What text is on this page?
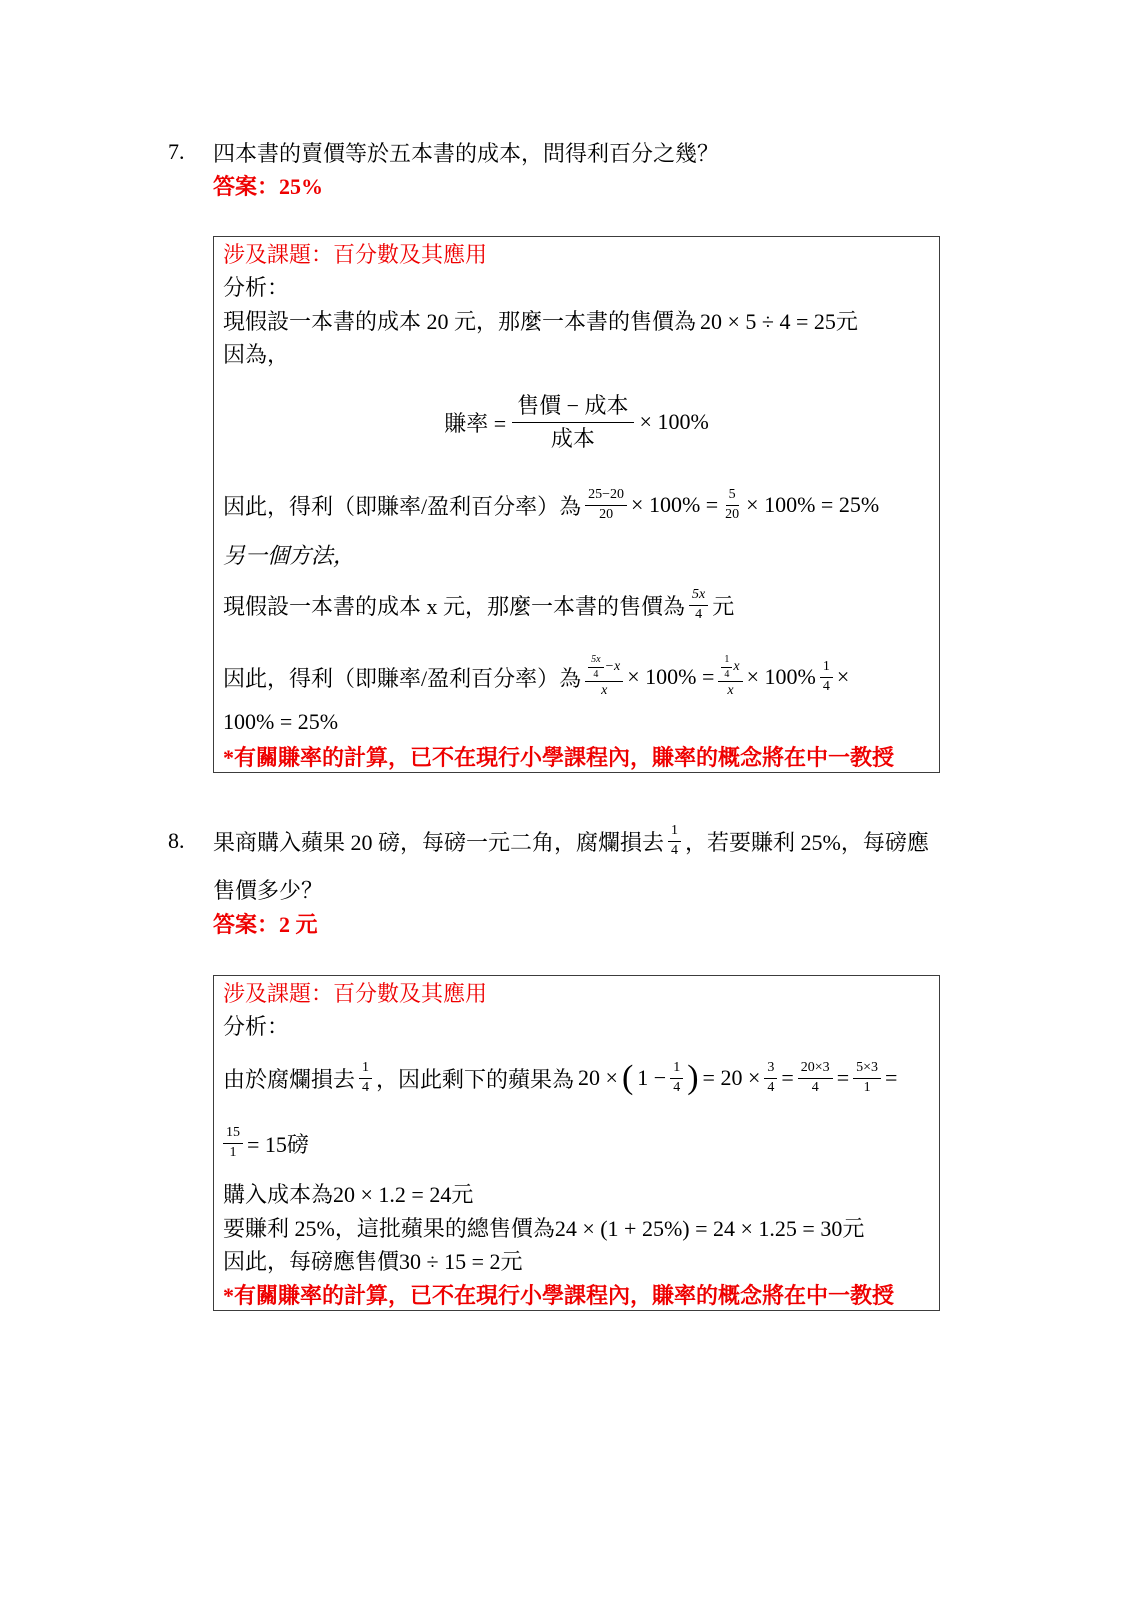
7. 四本書的賣價等於五本書的成本，問得利百分之幾？
答案：25%
涉及課題：百分數及其應用
分析：
現假設一本書的成本 20 元，那麼一本書的售價為 20 × 5 ÷ 4 = 25元
因為，
賺率 = $\frac{\text{售價 − 成本}}{\text{成本}} \times 100\%$
因此，得利（即賺率/盈利百分率）為 $\frac{25-20}{20} \times 100\% = \frac{5}{20} \times 100\% = 25\%$
另一個方法，
現假設一本書的成本 x 元，那麼一本書的售價為 $\frac{5x}{4}$ 元
因此，得利（即賺率/盈利百分率）為 $\frac{\frac{5x}{4} -x}{x} \times 100\% = \frac{\frac{1}{4} x}{x} \times 100\% \frac{1}{4}$ ×
100% = 25%
*有關賺率的計算，已不在現行小學課程內，賺率的概念將在中一教授
8. 果商購入蘋果 20 磅，每磅一元二角，腐爛損去 $\frac{1}{4}$ ，若要賺利 25%，每磅應
售價多少？
答案：2 元
涉及課題：百分數及其應用
分析：
由於腐爛損去 $\frac{1}{4}$ ，因此剩下的蘋果為 20 × ( $1 - \frac{1}{4}$ ) = $20 \times \frac{3}{4} = \frac{20\times 3}{4} = \frac{5\times 3}{1}$ =
$\frac{15}{1} = 15$磅
購入成本為20 × 1.2 = 24元
要賺利 25%，這批蘋果的總售價為24 × (1 + 25%) = 24 × 1.25 = 30元
因此，每磅應售價30 ÷ 15 = 2元
*有關賺率的計算，已不在現行小學課程內，賺率的概念將在中一教授
